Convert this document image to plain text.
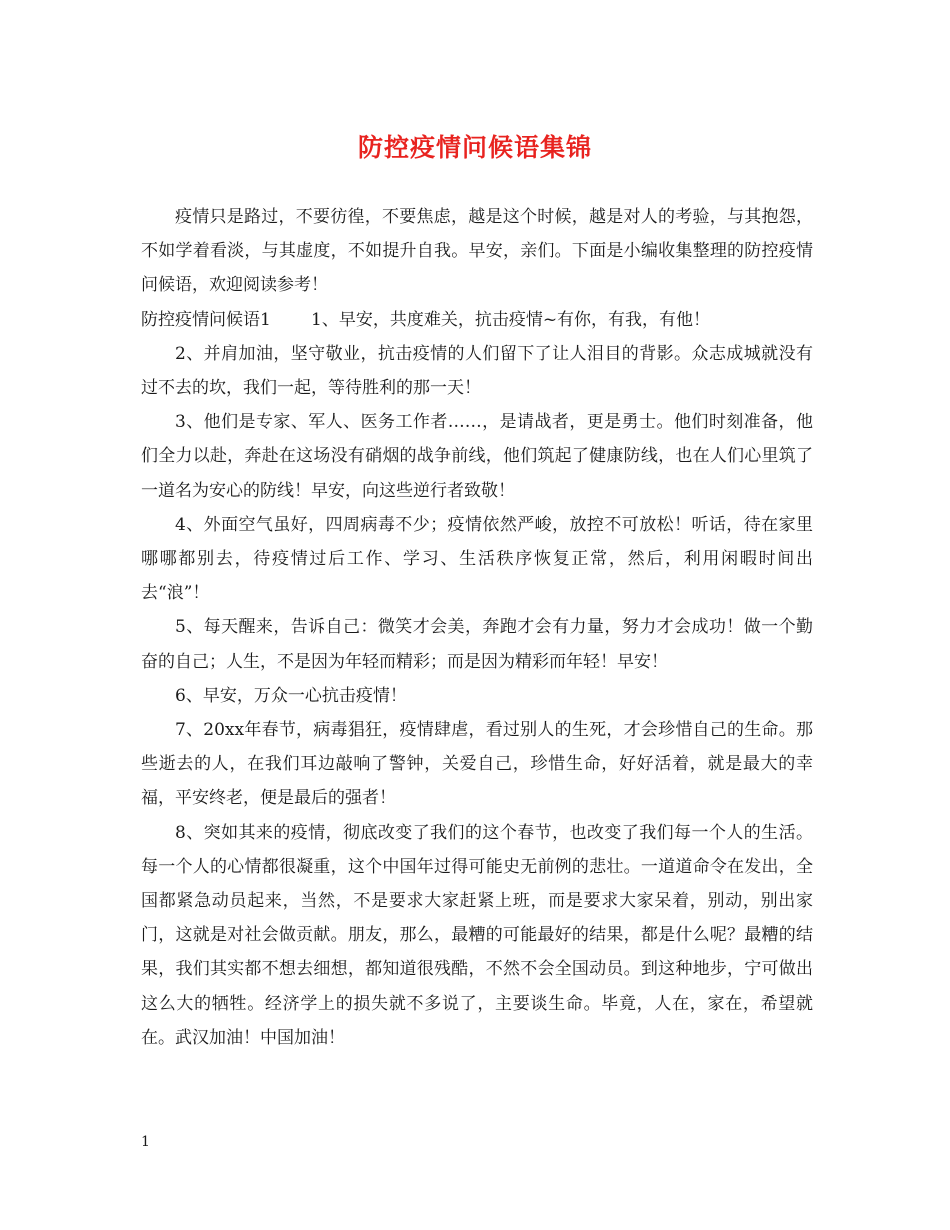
防控疫情问候语集锦

疫情只是路过，不要彷徨，不要焦虑，越是这个时候，越是对人的考验，与其抱怨，不如学着看淡，与其虚度，不如提升自我。早安，亲们。下面是小编收集整理的防控疫情问候语，欢迎阅读参考！

防控疫情问候语1 1、早安，共度难关，抗击疫情~有你，有我，有他！

2、并肩加油，坚守敬业，抗击疫情的人们留下了让人泪目的背影。众志成城就没有过不去的坎，我们一起，等待胜利的那一天！

3、他们是专家、军人、医务工作者……，是请战者，更是勇士。他们时刻准备，他们全力以赴，奔赴在这场没有硝烟的战争前线，他们筑起了健康防线，也在人们心里筑了一道名为安心的防线！早安，向这些逆行者致敬！

4、外面空气虽好，四周病毒不少；疫情依然严峻，放控不可放松！听话，待在家里哪哪都别去，待疫情过后工作、学习、生活秩序恢复正常，然后，利用闲暇时间出去“浪”！

5、每天醒来，告诉自己：微笑才会美，奔跑才会有力量，努力才会成功！做一个勤奋的自己；人生，不是因为年轻而精彩；而是因为精彩而年轻！早安！

6、早安，万众一心抗击疫情！

7、20xx年春节，病毒猖狂，疫情肆虐，看过别人的生死，才会珍惜自己的生命。那些逝去的人，在我们耳边敲响了警钟，关爱自己，珍惜生命，好好活着，就是最大的幸福，平安终老，便是最后的强者！

8、突如其来的疫情，彻底改变了我们的这个春节，也改变了我们每一个人的生活。每一个人的心情都很凝重，这个中国年过得可能史无前例的悲壮。一道道命令在发出，全国都紧急动员起来，当然，不是要求大家赶紧上班，而是要求大家呆着，别动，别出家门，这就是对社会做贡献。朋友，那么，最糟的可能最好的结果，都是什么呢？最糟的结果，我们其实都不想去细想，都知道很残酷，不然不会全国动员。到这种地步，宁可做出这么大的牺牲。经济学上的损失就不多说了，主要谈生命。毕竟，人在，家在，希望就在。武汉加油！中国加油！

1
